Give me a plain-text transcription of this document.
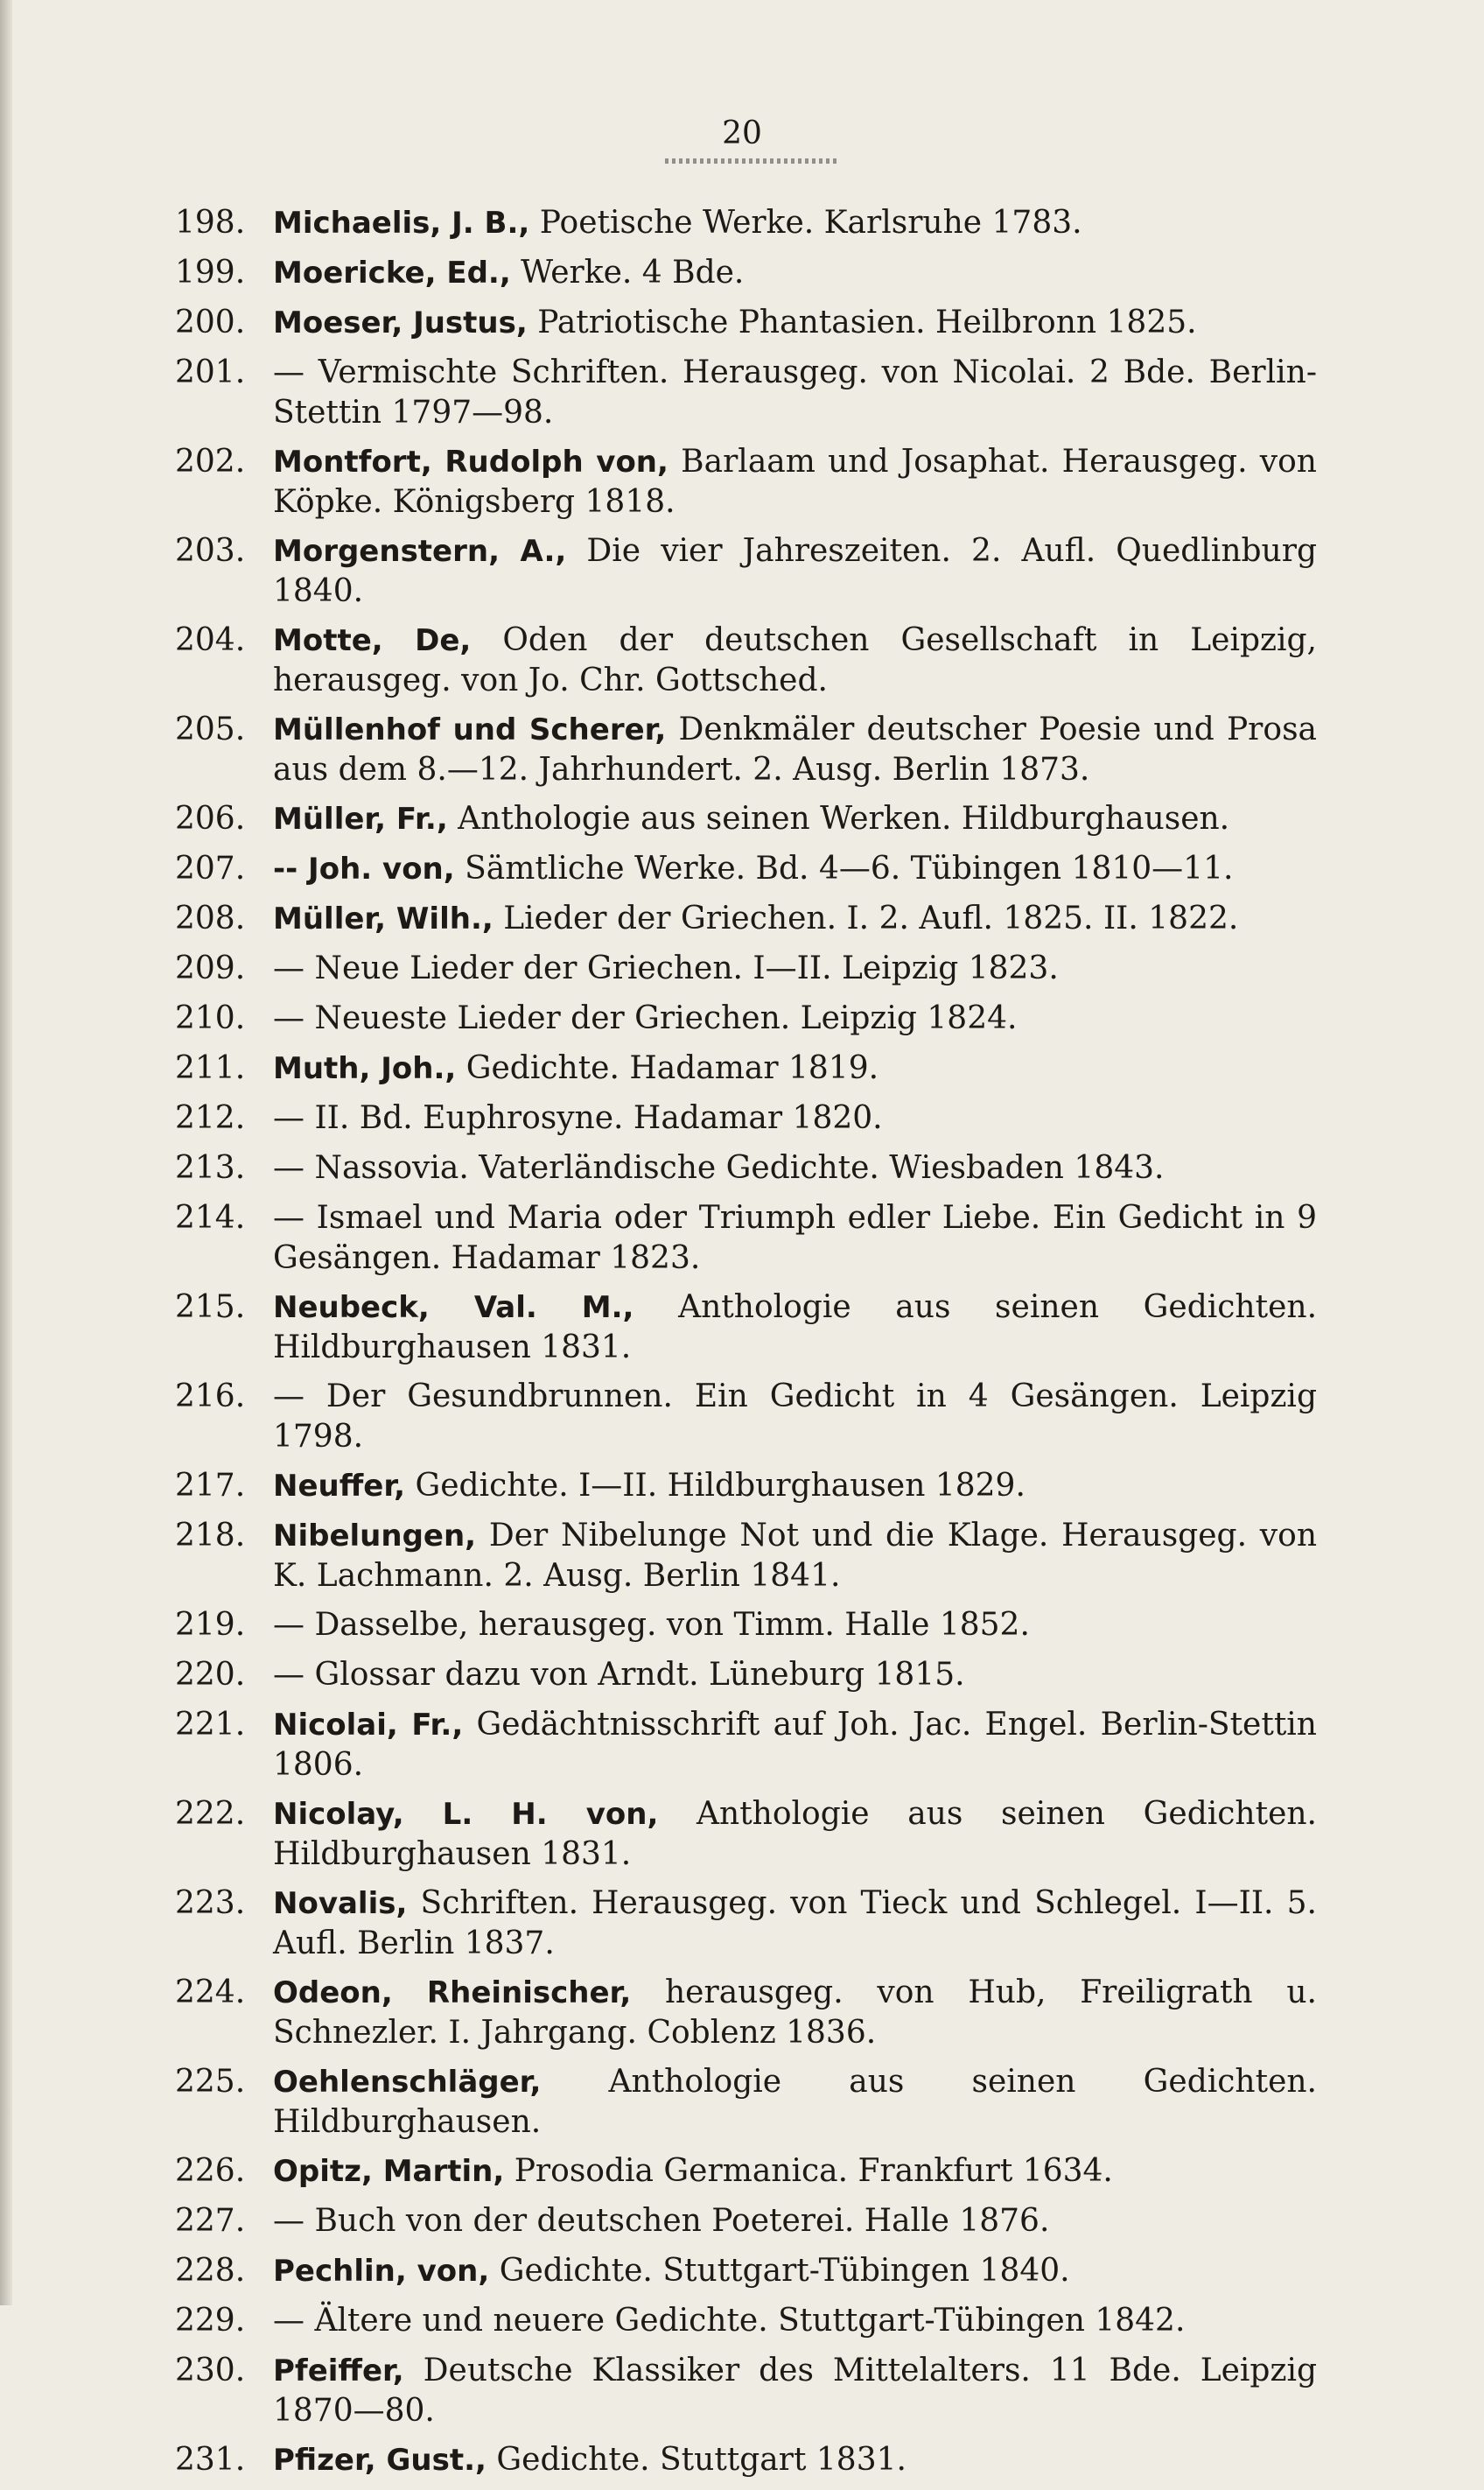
20
198. Michaelis, J. B., Poetische Werke. Karlsruhe 1783.
199. Moericke, Ed., Werke. 4 Bde.
200. Moeser, Justus, Patriotische Phantasien. Heilbronn 1825.
201. — Vermischte Schriften. Herausgeg. von Nicolai. 2 Bde. Berlin-Stettin 1797—98.
202. Montfort, Rudolph von, Barlaam und Josaphat. Herausgeg. von Köpke. Königsberg 1818.
203. Morgenstern, A., Die vier Jahreszeiten. 2. Aufl. Quedlinburg 1840.
204. Motte, De, Oden der deutschen Gesellschaft in Leipzig, herausgeg. von Jo. Chr. Gottsched.
205. Müllenhof und Scherer, Denkmäler deutscher Poesie und Prosa aus dem 8.—12. Jahrhundert. 2. Ausg. Berlin 1873.
206. Müller, Fr., Anthologie aus seinen Werken. Hildburghausen.
207. -- Joh. von, Sämtliche Werke. Bd. 4—6. Tübingen 1810—11.
208. Müller, Wilh., Lieder der Griechen. I. 2. Aufl. 1825. II. 1822.
209. — Neue Lieder der Griechen. I—II. Leipzig 1823.
210. — Neueste Lieder der Griechen. Leipzig 1824.
211. Muth, Joh., Gedichte. Hadamar 1819.
212. — II. Bd. Euphrosyne. Hadamar 1820.
213. — Nassovia. Vaterländische Gedichte. Wiesbaden 1843.
214. — Ismael und Maria oder Triumph edler Liebe. Ein Gedicht in 9 Gesängen. Hadamar 1823.
215. Neubeck, Val. M., Anthologie aus seinen Gedichten. Hildburghausen 1831.
216. — Der Gesundbrunnen. Ein Gedicht in 4 Gesängen. Leipzig 1798.
217. Neuffer, Gedichte. I—II. Hildburghausen 1829.
218. Nibelungen, Der Nibelunge Not und die Klage. Herausgeg. von K. Lachmann. 2. Ausg. Berlin 1841.
219. — Dasselbe, herausgeg. von Timm. Halle 1852.
220. — Glossar dazu von Arndt. Lüneburg 1815.
221. Nicolai, Fr., Gedächtnisschrift auf Joh. Jac. Engel. Berlin-Stettin 1806.
222. Nicolay, L. H. von, Anthologie aus seinen Gedichten. Hildburghausen 1831.
223. Novalis, Schriften. Herausgeg. von Tieck und Schlegel. I—II. 5. Aufl. Berlin 1837.
224. Odeon, Rheinischer, herausgeg. von Hub, Freiligrath u. Schnezler. I. Jahrgang. Coblenz 1836.
225. Oehlenschläger, Anthologie aus seinen Gedichten. Hildburghausen.
226. Opitz, Martin, Prosodia Germanica. Frankfurt 1634.
227. — Buch von der deutschen Poeterei. Halle 1876.
228. Pechlin, von, Gedichte. Stuttgart-Tübingen 1840.
229. — Ältere und neuere Gedichte. Stuttgart-Tübingen 1842.
230. Pfeiffer, Deutsche Klassiker des Mittelalters. 11 Bde. Leipzig 1870—80.
231. Pfizer, Gust., Gedichte. Stuttgart 1831.
